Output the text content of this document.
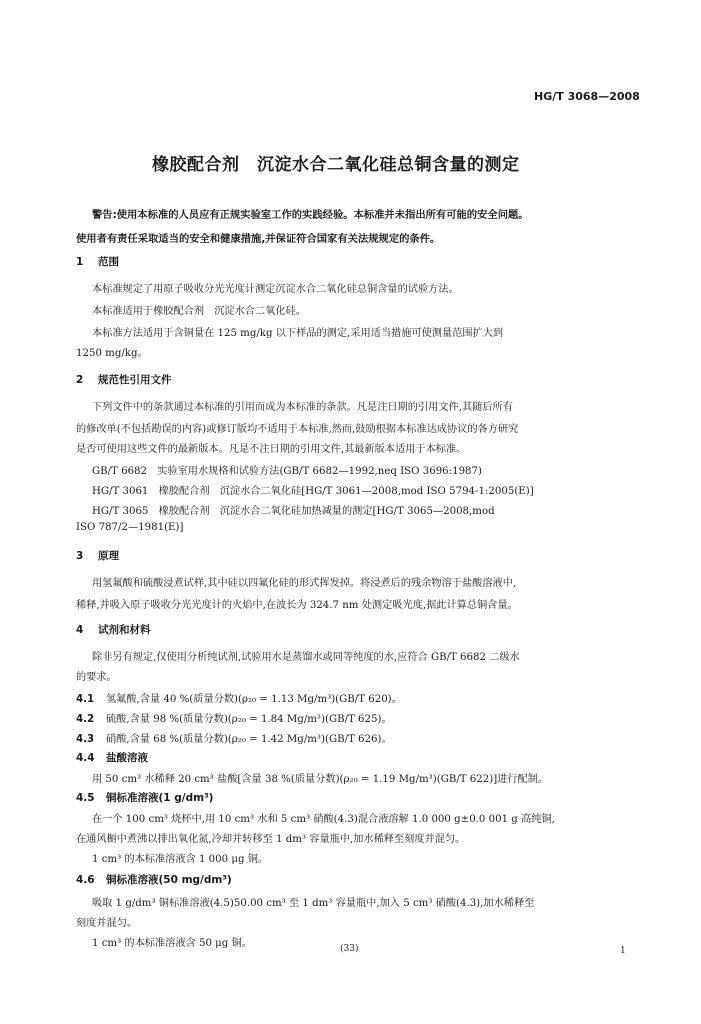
HG/T 3068—2008
橡胶配合剂　沉淀水合二氧化硅总铜含量的测定
警告:使用本标准的人员应有正规实验室工作的实践经验。本标准并未指出所有可能的安全问题。
使用者有责任采取适当的安全和健康措施,并保证符合国家有关法规规定的条件。
1 范围
本标准规定了用原子吸收分光光度计测定沉淀水合二氧化硅总铜含量的试验方法。
本标准适用于橡胶配合剂　沉淀水合二氧化硅。
本标准方法适用于含铜量在 125 mg/kg 以下样品的测定,采用适当措施可使测量范围扩大到
1250 mg/kg。
2 规范性引用文件
下列文件中的条款通过本标准的引用而成为本标准的条款。凡是注日期的引用文件,其随后所有
的修改单(不包括勘误的内容)或修订版均不适用于本标准,然而,鼓励根据本标准达成协议的各方研究
是否可使用这些文件的最新版本。凡是不注日期的引用文件,其最新版本适用于本标准。
GB/T 6682　实验室用水规格和试验方法(GB/T 6682—1992,neq ISO 3696:1987)
HG/T 3061　橡胶配合剂　沉淀水合二氧化硅[HG/T 3061—2008,mod ISO 5794-1:2005(E)]
HG/T 3065　橡胶配合剂　沉淀水合二氧化硅加热减量的测定[HG/T 3065—2008,mod
ISO 787/2—1981(E)]
3 原理
用氢氟酸和硫酸浸煮试样,其中硅以四氟化硅的形式挥发掉。将浸煮后的残余物溶于盐酸溶液中,
稀释,并吸入原子吸收分光光度计的火焰中,在波长为 324.7 nm 处测定吸光度,据此计算总铜含量。
4 试剂和材料
除非另有规定,仅使用分析纯试剂,试验用水是蒸馏水或同等纯度的水,应符合 GB/T 6682 二级水
的要求。
4.1 氢氟酸,含量 40 %(质量分数)(ρ₂₀ = 1.13 Mg/m³)(GB/T 620)。
4.2 硫酸,含量 98 %(质量分数)(ρ₂₀ = 1.84 Mg/m³)(GB/T 625)。
4.3 硝酸,含量 68 %(质量分数)(ρ₂₀ = 1.42 Mg/m³)(GB/T 626)。
4.4 盐酸溶液
用 50 cm³ 水稀释 20 cm³ 盐酸[含量 38 %(质量分数)(ρ₂₀ = 1.19 Mg/m³)(GB/T 622)]进行配制。
4.5 铜标准溶液(1 g/dm³)
在一个 100 cm³ 烧杯中,用 10 cm³ 水和 5 cm³ 硝酸(4.3)混合液溶解 1.0 000 g±0.0 001 g 高纯铜,
在通风橱中煮沸以排出氧化氮,冷却并转移至 1 dm³ 容量瓶中,加水稀释至刻度并混匀。
1 cm³ 的本标准溶液含 1 000 μg 铜。
4.6 铜标准溶液(50 mg/dm³)
吸取 1 g/dm³ 铜标准溶液(4.5)50.00 cm³ 至 1 dm³ 容量瓶中,加入 5 cm³ 硝酸(4.3),加水稀释至
刻度并混匀。
1 cm³ 的本标准溶液含 50 μg 铜。	(33)	1
